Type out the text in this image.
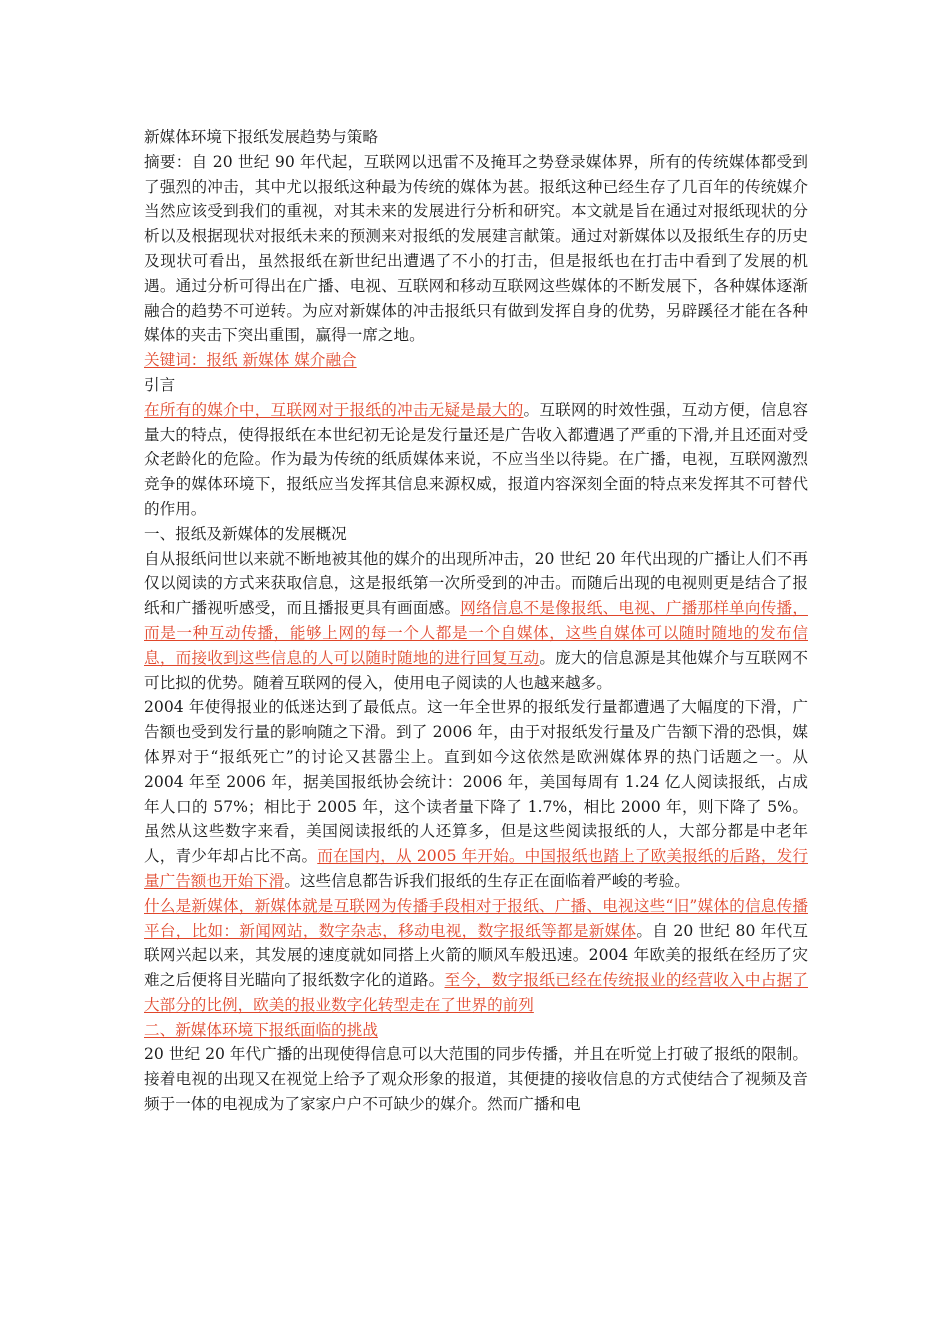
新媒体环境下报纸发展趋势与策略

摘要：自 20 世纪 90 年代起，互联网以迅雷不及掩耳之势登录媒体界，所有的传统媒体都受到了强烈的冲击，其中尤以报纸这种最为传统的媒体为甚。报纸这种已经生存了几百年的传统媒介当然应该受到我们的重视，对其未来的发展进行分析和研究。本文就是旨在通过对报纸现状的分析以及根据现状对报纸未来的预测来对报纸的发展建言献策。通过对新媒体以及报纸生存的历史及现状可看出，虽然报纸在新世纪出遭遇了不小的打击，但是报纸也在打击中看到了发展的机遇。通过分析可得出在广播、电视、互联网和移动互联网这些媒体的不断发展下，各种媒体逐渐融合的趋势不可逆转。为应对新媒体的冲击报纸只有做到发挥自身的优势，另辟蹊径才能在各种媒体的夹击下突出重围，赢得一席之地。

关键词：报纸 新媒体 媒介融合

引言

在所有的媒介中，互联网对于报纸的冲击无疑是最大的。互联网的时效性强，互动方便，信息容量大的特点，使得报纸在本世纪初无论是发行量还是广告收入都遭遇了严重的下滑,并且还面对受众老龄化的危险。作为最为传统的纸质媒体来说，不应当坐以待毙。在广播，电视，互联网激烈竞争的媒体环境下，报纸应当发挥其信息来源权威，报道内容深刻全面的特点来发挥其不可替代的作用。

一、报纸及新媒体的发展概况

自从报纸问世以来就不断地被其他的媒介的出现所冲击，20 世纪 20 年代出现的广播让人们不再仅以阅读的方式来获取信息，这是报纸第一次所受到的冲击。而随后出现的电视则更是结合了报纸和广播视听感受，而且播报更具有画面感。网络信息不是像报纸、电视、广播那样单向传播，而是一种互动传播，能够上网的每一个人都是一个自媒体，这些自媒体可以随时随地的发布信息，而接收到这些信息的人可以随时随地的进行回复互动。庞大的信息源是其他媒介与互联网不可比拟的优势。随着互联网的侵入，使用电子阅读的人也越来越多。

2004 年使得报业的低迷达到了最低点。这一年全世界的报纸发行量都遭遇了大幅度的下滑，广告额也受到发行量的影响随之下滑。到了 2006 年，由于对报纸发行量及广告额下滑的恐惧，媒体界对于“报纸死亡”的讨论又甚嚣尘上。直到如今这依然是欧洲媒体界的热门话题之一。从 2004 年至 2006 年，据美国报纸协会统计：2006 年，美国每周有 1.24 亿人阅读报纸，占成年人口的 57%；相比于 2005 年，这个读者量下降了 1.7%，相比 2000 年，则下降了 5%。虽然从这些数字来看，美国阅读报纸的人还算多，但是这些阅读报纸的人，大部分都是中老年人，青少年却占比不高。而在国内，从 2005 年开始。中国报纸也踏上了欧美报纸的后路，发行量广告额也开始下滑。这些信息都告诉我们报纸的生存正在面临着严峻的考验。

什么是新媒体，新媒体就是互联网为传播手段相对于报纸、广播、电视这些“旧”媒体的信息传播平台，比如：新闻网站，数字杂志，移动电视，数字报纸等都是新媒体。自 20 世纪 80 年代互联网兴起以来，其发展的速度就如同搭上火箭的顺风车般迅速。2004 年欧美的报纸在经历了灾难之后便将目光瞄向了报纸数字化的道路。至今，数字报纸已经在传统报业的经营收入中占据了大部分的比例，欧美的报业数字化转型走在了世界的前列

二、新媒体环境下报纸面临的挑战

20 世纪 20 年代广播的出现使得信息可以大范围的同步传播，并且在听觉上打破了报纸的限制。接着电视的出现又在视觉上给予了观众形象的报道，其便捷的接收信息的方式使结合了视频及音频于一体的电视成为了家家户户不可缺少的媒介。然而广播和电
